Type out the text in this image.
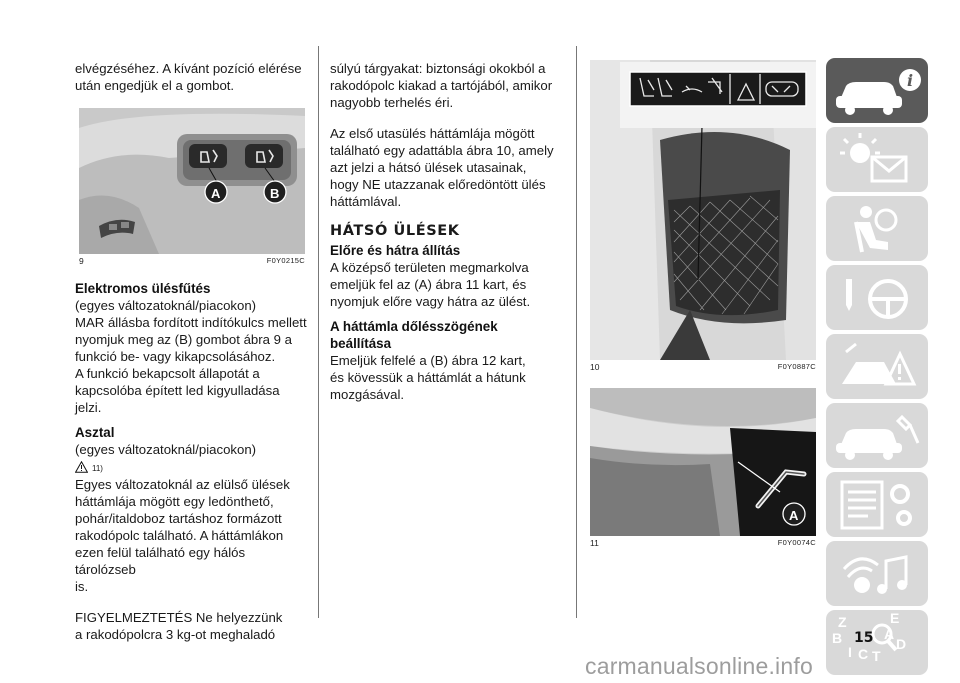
elvégzéséhez. A kívánt pozíció elérése

után engedjük el a gombot.

A	B
9	F0Y0215C

Elektromos ülésfűtés

(egyes változatoknál/piacokon)

MAR állásba fordított indítókulcs mellett

nyomjuk meg az (B) gombot ábra 9 a

funkció be- vagy kikapcsolásához.

A funkció bekapcsolt állapotát a

kapcsolóba épített led kigyulladása

jelzi.

Asztal

(egyes változatoknál/piacokon)

11)

Egyes változatoknál az elülső ülések

háttámlája mögött egy ledönthető,

pohár/italdoboz tartáshoz formázott

rakodópolc található. A háttámlákon

ezen felül található egy hálós tárolózseb

is.

FIGYELMEZTETÉS Ne helyezzünk

a rakodópolcra 3 kg-ot meghaladó

súlyú tárgyakat: biztonsági okokból a

rakodópolc kiakad a tartójából, amikor

nagyobb terhelés éri.

Az első utasülés háttámlája mögött

található egy adattábla ábra 10, amely

azt jelzi a hátsó ülések utasainak,

hogy NE utazzanak előredöntött ülés

háttámlával.

HÁTSÓ ÜLÉSEK

Előre és hátra állítás

A középső területen megmarkolva

emeljük fel az (A) ábra 11 kart, és

nyomjuk előre vagy hátra az ülést.

A háttámla dőlésszögének

beállítása

Emeljük felfelé a (B) ábra 12 kart,

és kövessük a háttámlát a hátunk

mozgásával.

10	F0Y0887C
A
11	F0Y0074C
i
Z	E
B	A
I C T
D
15
carmanualsonline.info
